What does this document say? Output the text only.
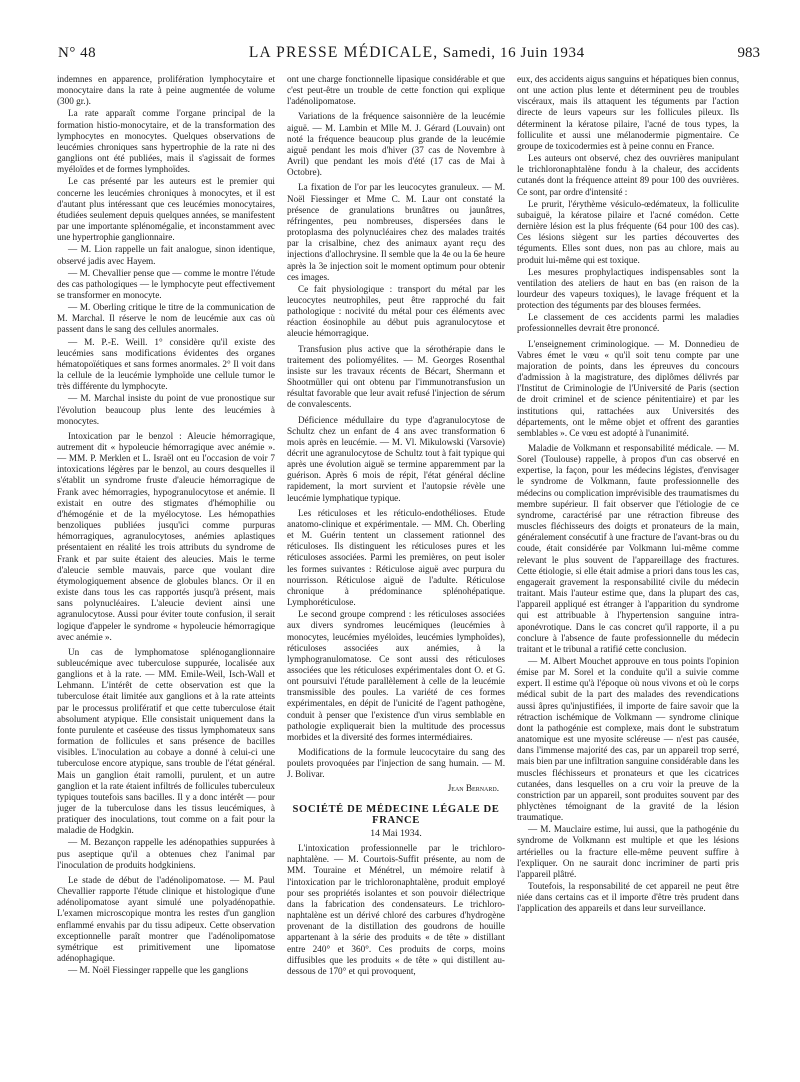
N° 48	LA PRESSE MÉDICALE, Samedi, 16 Juin 1934	983

indemnes en apparence, prolifération lymphocytaire et monocytaire dans la rate à peine augmentée de volume (300 gr.).

La rate apparaît comme l'organe principal de la formation histio-monocytaire, et de la transformation des lymphocytes en monocytes. Quelques observations de leucémies chroniques sans hypertrophie de la rate ni des ganglions ont été publiées, mais il s'agissait de formes myéloïdes et de formes lymphoïdes.

Le cas présenté par les auteurs est le premier qui concerne les leucémies chroniques à monocytes, et il est d'autant plus intéressant que ces leucémies monocytaires, étudiées seulement depuis quelques années, se manifestent par une importante splénomégalie, et inconstamment avec une hypertrophie ganglionnaire.

— M. Lion rappelle un fait analogue, sinon identique, observé jadis avec Hayem.

— M. Chevallier pense que — comme le montre l'étude des cas pathologiques — le lymphocyte peut effectivement se transformer en monocyte.

— M. Oberling critique le titre de la communication de M. Marchal. Il réserve le nom de leucémie aux cas où passent dans le sang des cellules anormales.

— M. P.-E. Weill. 1° considère qu'il existe des leucémies sans modifications évidentes des organes hématopoïétiques et sans formes anormales. 2° Il voit dans la cellule de la leucémie lymphoïde une cellule tumor le très différente du lymphocyte.

— M. Marchal insiste du point de vue pronostique sur l'évolution beaucoup plus lente des leucémies à monocytes.

Intoxication par le benzol : Aleucie hémorragique, autrement dit « hypoleucie hémorragique avec anémie ». — MM. P. Merklen et L. Israël ont eu l'occasion de voir 7 intoxications légères par le benzol, au cours desquelles il s'établit un syndrome fruste d'aleucie hémorragique de Frank avec hémorragies, hypogranulocytose et anémie. Il existait en outre des stigmates d'hémophilie ou d'hémogénie et de la myélocytose. Les hémopathies benzoliques publiées jusqu'ici comme purpuras hémorragiques, agranulocytoses, anémies aplastiques présentaient en réalité les trois attributs du syndrome de Frank et par suite étaient des aleucies. Mais le terme d'aleucie semble mauvais, parce que voulant dire étymologiquement absence de globules blancs. Or il en existe dans tous les cas rapportés jusqu'à présent, mais sans polynucléaires. L'aleucie devient ainsi une agranulocytose. Aussi pour éviter toute confusion, il serait logique d'appeler le syndrome « hypoleucie hémorragique avec anémie ».

Un cas de lymphomatose splénoganglionnaire subleucémique avec tuberculose suppurée, localisée aux ganglions et à la rate. — MM. Emile-Weil, Isch-Wall et Lehmann. L'intérêt de cette observation est que la tuberculose était limitée aux ganglions et à la rate atteints par le processus prolifératif et que cette tuberculose était absolument atypique. Elle consistait uniquement dans la fonte purulente et caséeuse des tissus lymphomateux sans formation de follicules et sans présence de bacilles visibles. L'inoculation au cobaye a donné à celui-ci une tuberculose encore atypique, sans trouble de l'état général. Mais un ganglion était ramolli, purulent, et un autre ganglion et la rate étaient infiltrés de follicules tuberculeux typiques toutefois sans bacilles. Il y a donc intérêt — pour juger de la tuberculose dans les tissus leucémiques, à pratiquer des inoculations, tout comme on a fait pour la maladie de Hodgkin.

— M. Bezançon rappelle les adénopathies suppurées à pus aseptique qu'il a obtenues chez l'animal par l'inoculation de produits hodgkiniens.

Le stade de début de l'adénolipomatose. — M. Paul Chevallier rapporte l'étude clinique et histologique d'une adénolipomatose ayant simulé une polyadénopathie. L'examen microscopique montra les restes d'un ganglion enflammé envahis par du tissu adipeux. Cette observation exceptionnelle paraît montrer que l'adénolipomatose symétrique est primitivement une lipomatose adénophagique.

— M. Noël Fiessinger rappelle que les ganglions

ont une charge fonctionnelle lipasique considérable et que c'est peut-être un trouble de cette fonction qui explique l'adénolipomatose.

Variations de la fréquence saisonnière de la leucémie aiguë. — M. Lambin et Mlle M. J. Gérard (Louvain) ont noté la fréquence beaucoup plus grande de la leucémie aiguë pendant les mois d'hiver (37 cas de Novembre à Avril) que pendant les mois d'été (17 cas de Mai à Octobre).

La fixation de l'or par les leucocytes granuleux. — M. Noël Fiessinger et Mme C. M. Laur ont constaté la présence de granulations brunâtres ou jaunâtres, réfringentes, peu nombreuses, dispersées dans le protoplasma des polynucléaires chez des malades traités par la crisalbine, chez des animaux ayant reçu des injections d'allochrysine. Il semble que la 4e ou la 6e heure après la 3e injection soit le moment optimum pour obtenir ces images.

Ce fait physiologique : transport du métal par les leucocytes neutrophiles, peut être rapproché du fait pathologique : nocivité du métal pour ces éléments avec réaction éosinophile au début puis agranulocytose et aleucie hémorragique.

Transfusion plus active que la sérothérapie dans le traitement des poliomyélites. — M. Georges Rosenthal insiste sur les travaux récents de Bécart, Shermann et Shootmüller qui ont obtenu par l'immunotransfusion un résultat favorable que leur avait refusé l'injection de sérum de convalescents.

Déficience médullaire du type d'agranulocytose de Schultz chez un enfant de 4 ans avec transformation 6 mois après en leucémie. — M. Vl. Mikulowski (Varsovie) décrit une agranulocytose de Schultz tout à fait typique qui après une évolution aiguë se termine apparemment par la guérison. Après 6 mois de répit, l'état général décline rapidement, la mort survient et l'autopsie révèle une leucémie lymphatique typique.

Les réticuloses et les réticulo-endothélioses. Etude anatomo-clinique et expérimentale. — MM. Ch. Oberling et M. Guérin tentent un classement rationnel des réticuloses. Ils distinguent les réticuloses pures et les réticuloses associées. Parmi les premières, on peut isoler les formes suivantes : Réticulose aiguë avec purpura du nourrisson. Réticulose aiguë de l'adulte. Réticulose chronique à prédominance splénohépatique. Lymphoréticulose.

Le second groupe comprend : les réticuloses associées aux divers syndromes leucémiques (leucémies à monocytes, leucémies myéloïdes, leucémies lymphoïdes), réticuloses associées aux anémies, à la lymphogranulomatose. Ce sont aussi des réticuloses associées que les réticuloses expérimentales dont O. et G. ont poursuivi l'étude parallèlement à celle de la leucémie transmissible des poules. La variété de ces formes expérimentales, en dépit de l'unicité de l'agent pathogène, conduit à penser que l'existence d'un virus semblable en pathologie expliquerait bien la multitude des processus morbides et la diversité des formes intermédiaires.

Modifications de la formule leucocytaire du sang des poulets provoquées par l'injection de sang humain. — M. J. Bolivar.

Jean Bernard.

SOCIÉTÉ DE MÉDECINE LÉGALE DE FRANCE

14 Mai 1934.

L'intoxication professionnelle par le trichloro-naphtalène. — M. Courtois-Suffit présente, au nom de MM. Touraine et Ménétrel, un mémoire relatif à l'intoxication par le trichloronaphtalène, produit employé pour ses propriétés isolantes et son pouvoir diélectrique dans la fabrication des condensateurs. Le trichloro-naphtalène est un dérivé chloré des carbures d'hydrogène provenant de la distillation des goudrons de houille appartenant à la série des produits « de tête » distillant entre 240° et 360°. Ces produits de corps, moins diffusibles que les produits « de tête » qui distillent au-dessous de 170° et qui provoquent,

eux, des accidents aigus sanguins et hépatiques bien connus, ont une action plus lente et déterminent peu de troubles viscéraux, mais ils attaquent les téguments par l'action directe de leurs vapeurs sur les follicules pileux. Ils déterminent la kératose pilaire, l'acné de tous types, la folliculite et aussi une mélanodermie pigmentaire. Ce groupe de toxicodermies est à peine connu en France.

Les auteurs ont observé, chez des ouvrières manipulant le trichloronaphtalène fondu à la chaleur, des accidents cutanés dont la fréquence atteint 89 pour 100 des ouvrières. Ce sont, par ordre d'intensité :

Le prurit, l'érythème vésiculo-œdémateux, la folliculite subaiguë, la kératose pilaire et l'acné comédon. Cette dernière lésion est la plus fréquente (64 pour 100 des cas). Ces lésions siègent sur les parties découvertes des téguments. Elles sont dues, non pas au chlore, mais au produit lui-même qui est toxique.

Les mesures prophylactiques indispensables sont la ventilation des ateliers de haut en bas (en raison de la lourdeur des vapeurs toxiques), le lavage fréquent et la protection des téguments par des blouses fermées.

Le classement de ces accidents parmi les maladies professionnelles devrait être prononcé.

L'enseignement criminologique. — M. Donnedieu de Vabres émet le vœu « qu'il soit tenu compte par une majoration de points, dans les épreuves du concours d'admission à la magistrature, des diplômes délivrés par l'Institut de Criminologie de l'Université de Paris (section de droit criminel et de science pénitentiaire) et par les institutions qui, rattachées aux Universités des départements, ont le même objet et offrent des garanties semblables ». Ce vœu est adopté à l'unanimité.

Maladie de Volkmann et responsabilité médicale. — M. Sorel (Toulouse) rappelle, à propos d'un cas observé en expertise, la façon, pour les médecins légistes, d'envisager le syndrome de Volkmann, faute professionnelle des médecins ou complication imprévisible des traumatismes du membre supérieur. Il fait observer que l'étiologie de ce syndrome, caractérisé par une rétraction fibreuse des muscles fléchisseurs des doigts et pronateurs de la main, généralement consécutif à une fracture de l'avant-bras ou du coude, était considérée par Volkmann lui-même comme relevant le plus souvent de l'appareillage des fractures. Cette étiologie, si elle était admise a priori dans tous les cas, engagerait gravement la responsabilité civile du médecin traitant. Mais l'auteur estime que, dans la plupart des cas, l'appareil appliqué est étranger à l'apparition du syndrome qui est attribuable à l'hypertension sanguine intra-aponévrotique. Dans le cas concret qu'il rapporte, il a pu conclure à l'absence de faute professionnelle du médecin traitant et le tribunal a ratifié cette conclusion.

— M. Albert Mouchet approuve en tous points l'opinion émise par M. Sorel et la conduite qu'il a suivie comme expert. Il estime qu'à l'époque où nous vivons et où le corps médical subit de la part des malades des revendications aussi âpres qu'injustifiées, il importe de faire savoir que la rétraction ischémique de Volkmann — syndrome clinique dont la pathogénie est complexe, mais dont le substratum anatomique est une myosite scléreuse — n'est pas causée, dans l'immense majorité des cas, par un appareil trop serré, mais bien par une infiltration sanguine considérable dans les muscles fléchisseurs et pronateurs et que les cicatrices cutanées, dans lesquelles on a cru voir la preuve de la constriction par un appareil, sont produites souvent par des phlyctènes témoignant de la gravité de la lésion traumatique.

— M. Mauclaire estime, lui aussi, que la pathogénie du syndrome de Volkmann est multiple et que les lésions artérielles ou la fracture elle-même peuvent suffire à l'expliquer. On ne saurait donc incriminer de parti pris l'appareil plâtré.

Toutefois, la responsabilité de cet appareil ne peut être niée dans certains cas et il importe d'être très prudent dans l'application des appareils et dans leur surveillance.
